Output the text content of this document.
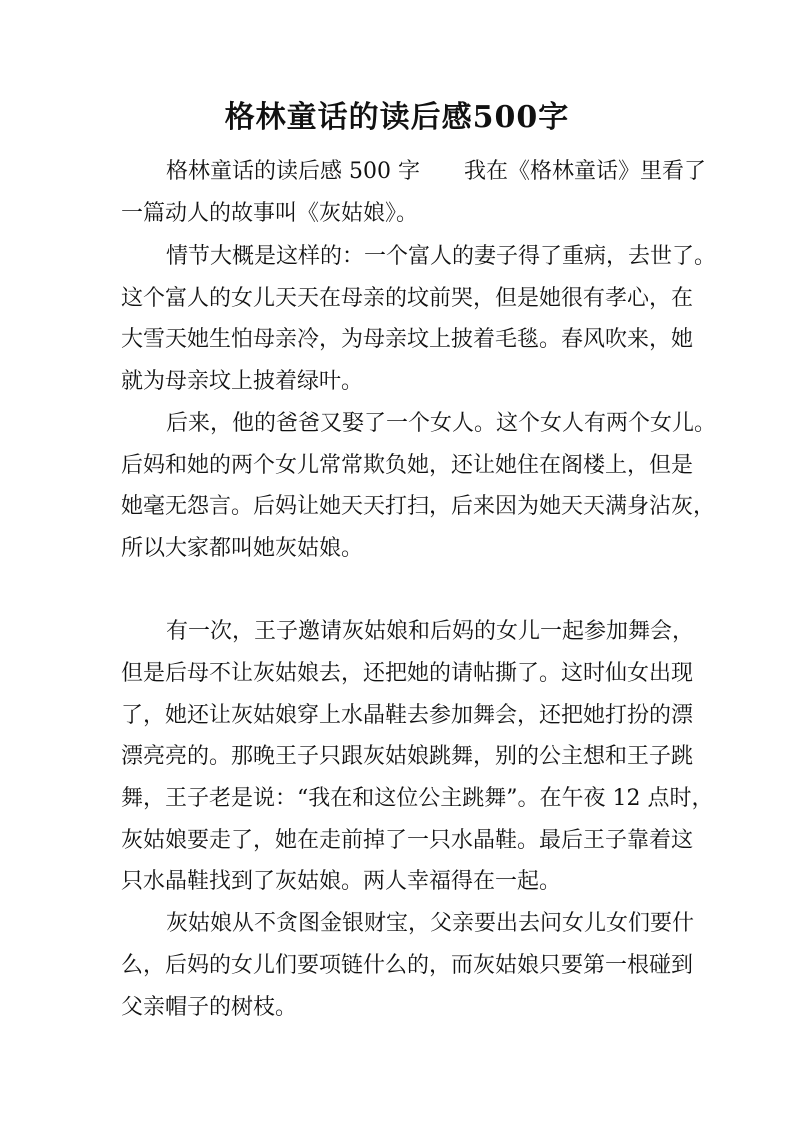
格林童话的读后感500字
格林童话的读后感 500 字　　我在《格林童话》里看了
一篇动人的故事叫《灰姑娘》。
情节大概是这样的：一个富人的妻子得了重病，去世了。
这个富人的女儿天天在母亲的坟前哭，但是她很有孝心，在
大雪天她生怕母亲冷，为母亲坟上披着毛毯。春风吹来，她
就为母亲坟上披着绿叶。
后来，他的爸爸又娶了一个女人。这个女人有两个女儿。
后妈和她的两个女儿常常欺负她，还让她住在阁楼上，但是
她毫无怨言。后妈让她天天打扫，后来因为她天天满身沾灰，
所以大家都叫她灰姑娘。
有一次，王子邀请灰姑娘和后妈的女儿一起参加舞会，
但是后母不让灰姑娘去，还把她的请帖撕了。这时仙女出现
了，她还让灰姑娘穿上水晶鞋去参加舞会，还把她打扮的漂
漂亮亮的。那晚王子只跟灰姑娘跳舞，别的公主想和王子跳
舞，王子老是说：“我在和这位公主跳舞”。在午夜 12 点时，
灰姑娘要走了，她在走前掉了一只水晶鞋。最后王子靠着这
只水晶鞋找到了灰姑娘。两人幸福得在一起。
灰姑娘从不贪图金银财宝，父亲要出去问女儿女们要什
么，后妈的女儿们要项链什么的，而灰姑娘只要第一根碰到
父亲帽子的树枝。
